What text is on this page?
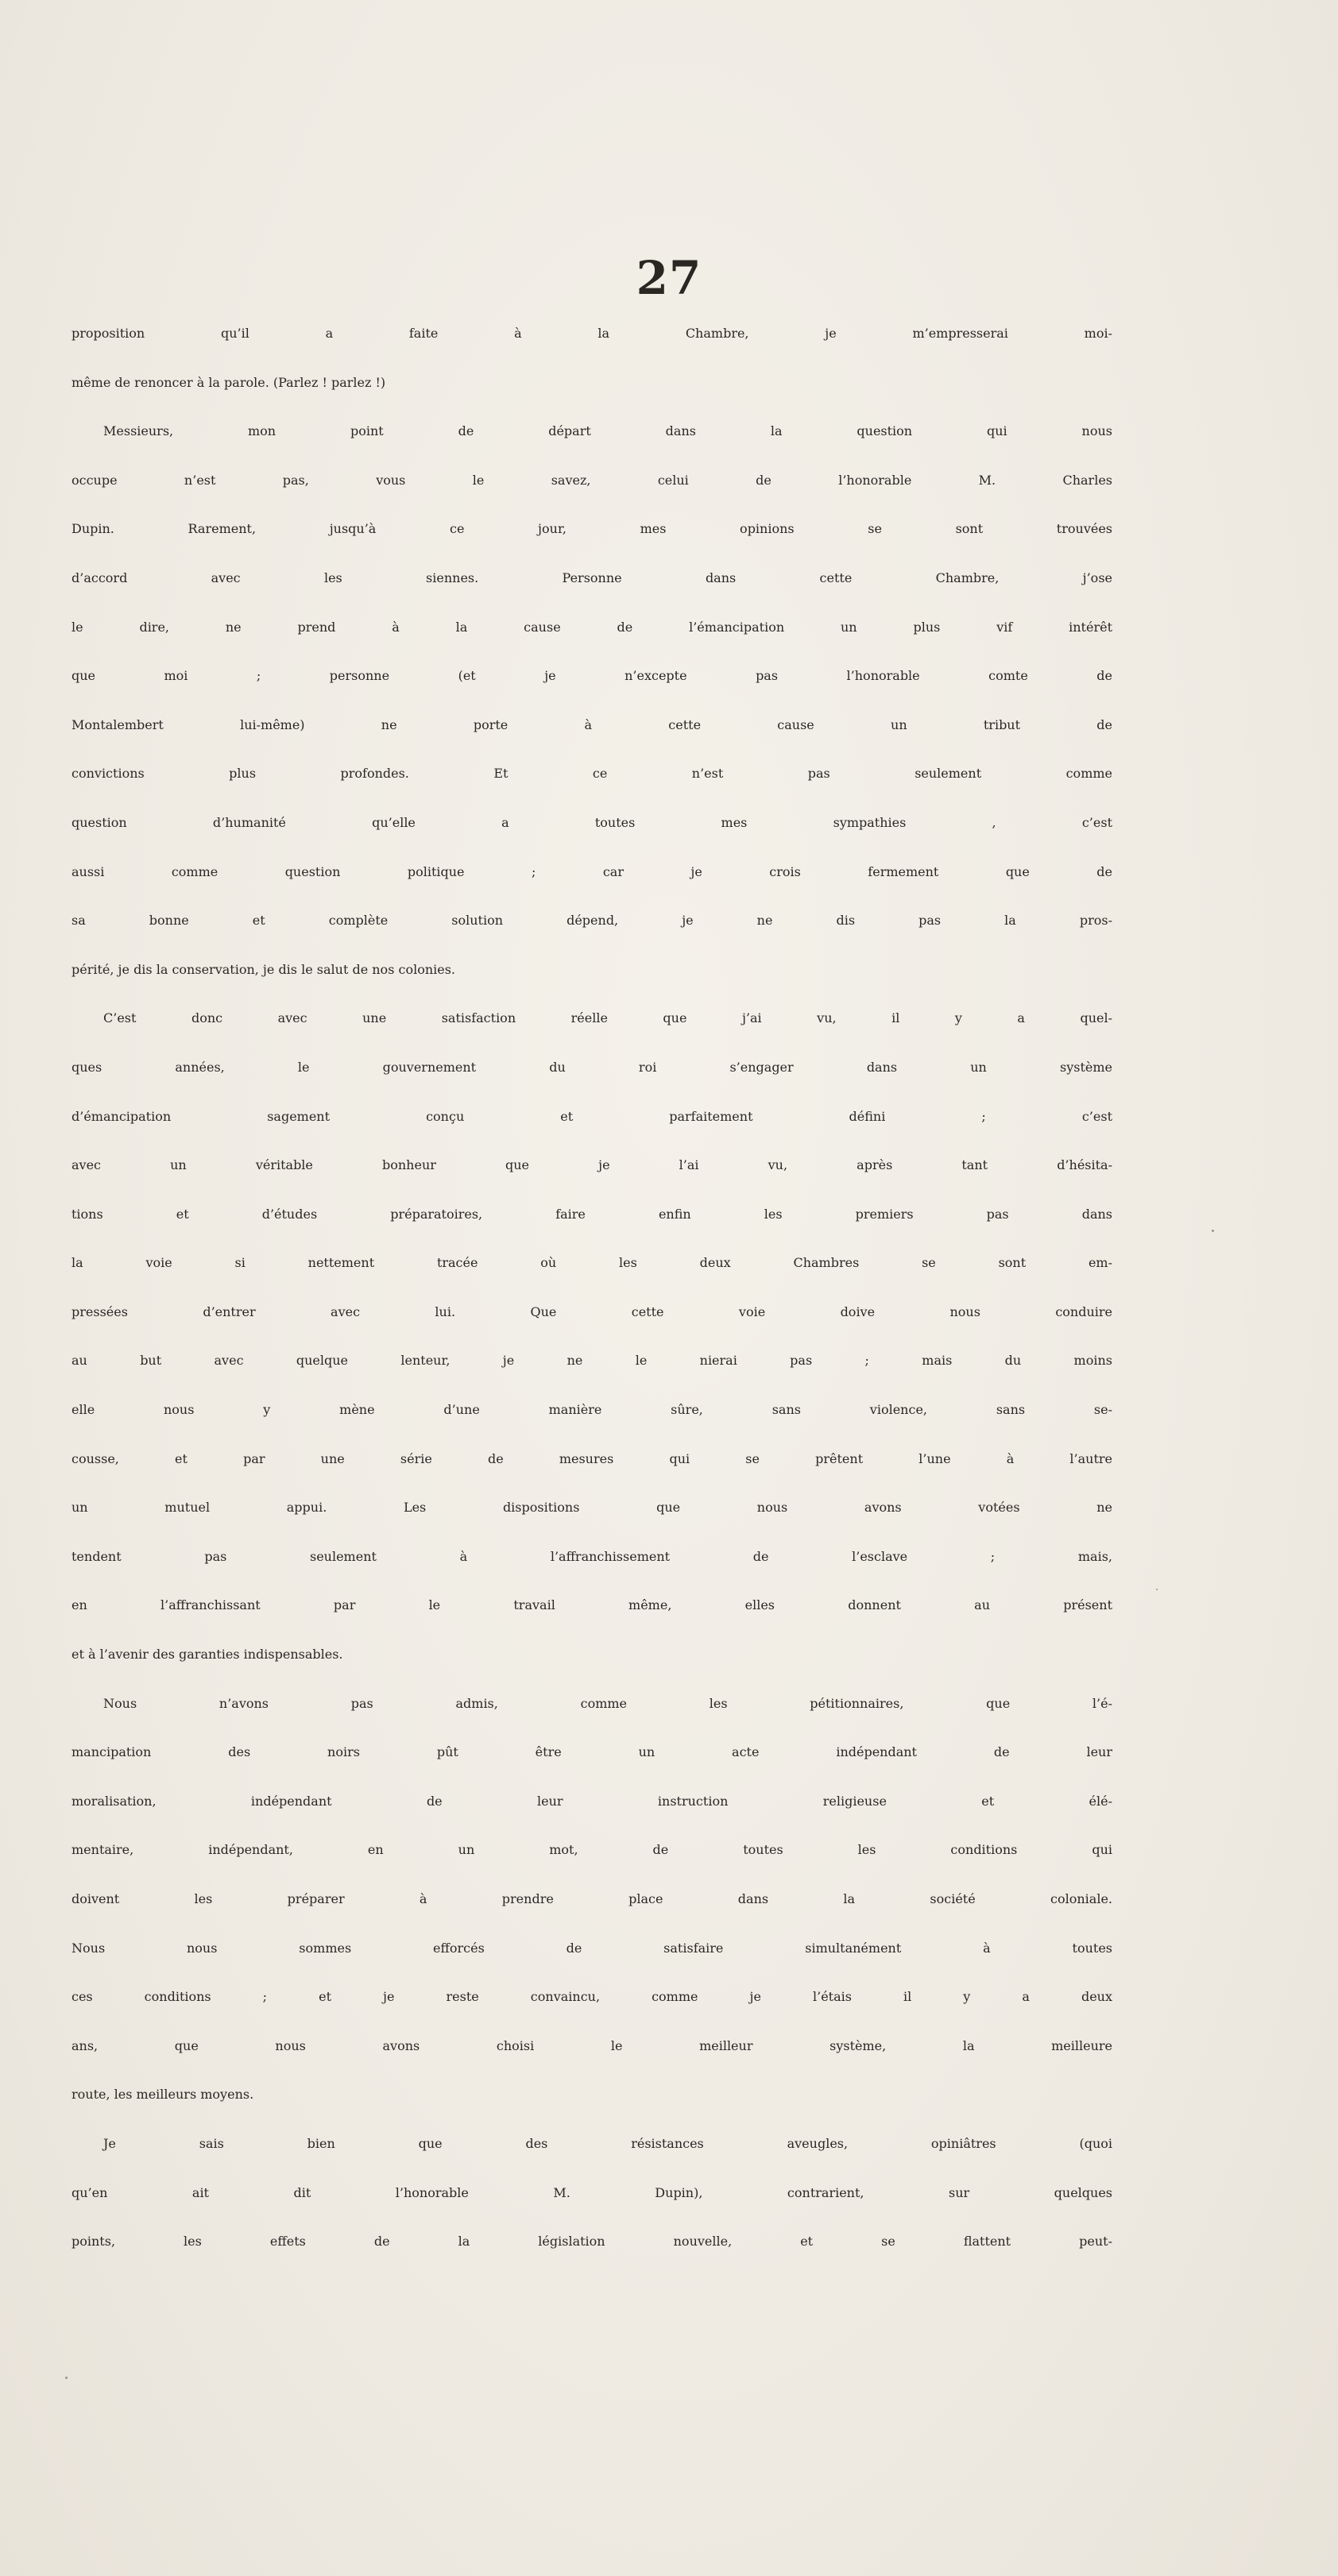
27
proposition qu’il a faite à la Chambre, je m’empresserai moi-
même de renoncer à la parole. (Parlez ! parlez !)
Messieurs, mon point de départ dans la question qui nous
occupe n’est pas, vous le savez, celui de l’honorable M. Charles
Dupin. Rarement, jusqu’à ce jour, mes opinions se sont trouvées
d’accord avec les siennes. Personne dans cette Chambre, j’ose
le dire, ne prend à la cause de l’émancipation un plus vif intérêt
que moi ; personne (et je n’excepte pas l’honorable comte de
Montalembert lui-même) ne porte à cette cause un tribut de
convictions plus profondes. Et ce n’est pas seulement comme
question d’humanité qu’elle a toutes mes sympathies , c’est
aussi comme question politique ; car je crois fermement que de
sa bonne et complète solution dépend, je ne dis pas la pros-
périté, je dis la conservation, je dis le salut de nos colonies.
C’est donc avec une satisfaction réelle que j’ai vu, il y a quel-
ques années, le gouvernement du roi s’engager dans un système
d’émancipation sagement conçu et parfaitement défini ; c’est
avec un véritable bonheur que je l’ai vu, après tant d’hésita-
tions et d’études préparatoires, faire enfin les premiers pas dans
la voie si nettement tracée où les deux Chambres se sont em-
pressées d’entrer avec lui. Que cette voie doive nous conduire
au but avec quelque lenteur, je ne le nierai pas ; mais du moins
elle nous y mène d’une manière sûre, sans violence, sans se-
cousse, et par une série de mesures qui se prêtent l’une à l’autre
un mutuel appui. Les dispositions que nous avons votées ne
tendent pas seulement à l’affranchissement de l’esclave ; mais,
en l’affranchissant par le travail même, elles donnent au présent
et à l’avenir des garanties indispensables.
Nous n’avons pas admis, comme les pétitionnaires, que l’é-
mancipation des noirs pût être un acte indépendant de leur
moralisation, indépendant de leur instruction religieuse et élé-
mentaire, indépendant, en un mot, de toutes les conditions qui
doivent les préparer à prendre place dans la société coloniale.
Nous nous sommes efforcés de satisfaire simultanément à toutes
ces conditions ; et je reste convaincu, comme je l’étais il y a deux
ans, que nous avons choisi le meilleur système, la meilleure
route, les meilleurs moyens.
Je sais bien que des résistances aveugles, opiniâtres (quoi
qu’en ait dit l’honorable M. Dupin), contrarient, sur quelques
points, les effets de la législation nouvelle, et se flattent peut-
